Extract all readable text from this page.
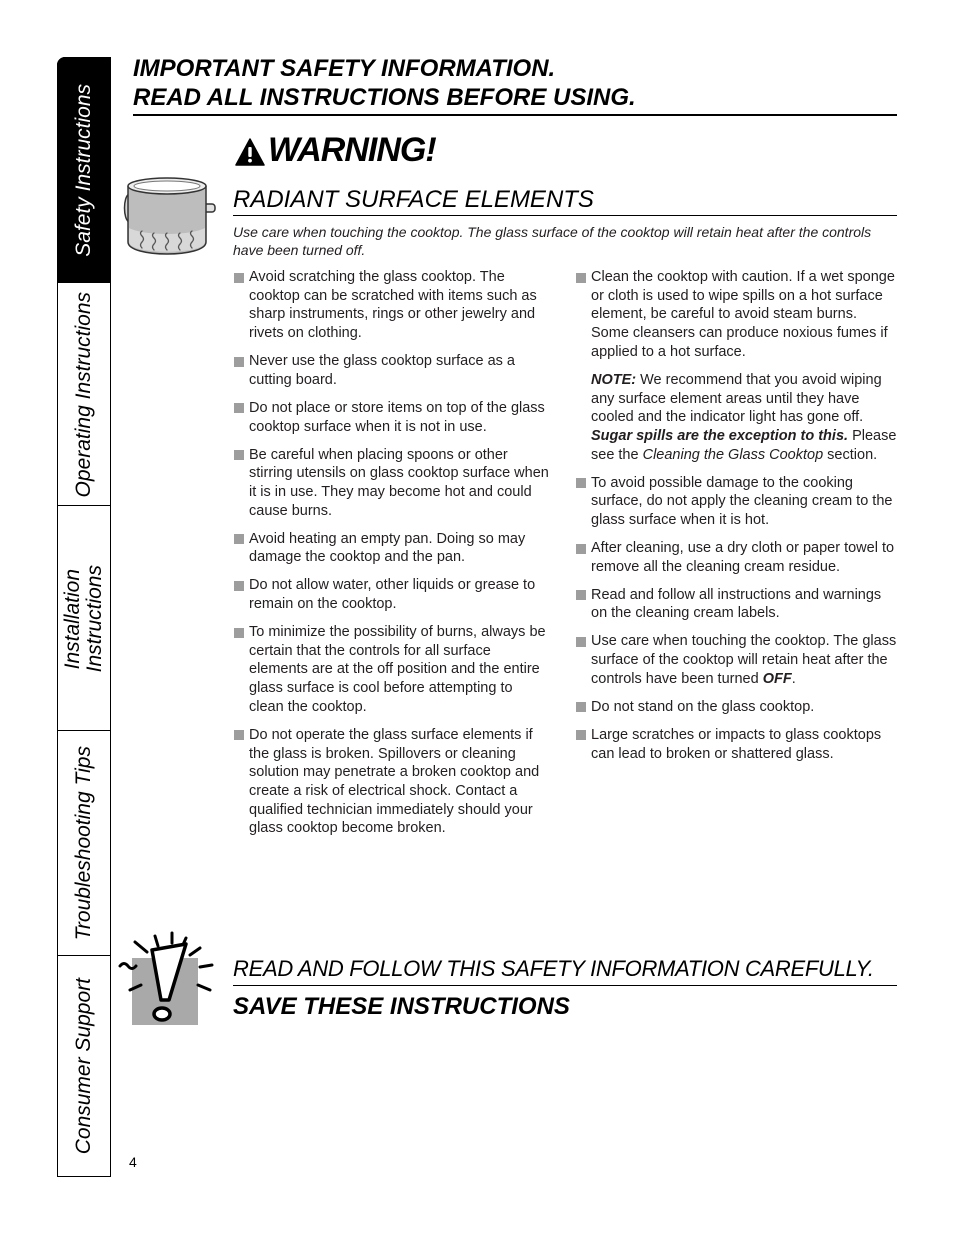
Safety Instructions
Operating Instructions
Installation Instructions
Troubleshooting Tips
Consumer Support
IMPORTANT SAFETY INFORMATION.
READ ALL INSTRUCTIONS BEFORE USING.
WARNING!
RADIANT SURFACE ELEMENTS
Use care when touching the cooktop. The glass surface of the cooktop will retain heat after the controls have been turned off.
Avoid scratching the glass cooktop. The cooktop can be scratched with items such as sharp instruments, rings or other jewelry and rivets on clothing.
Never use the glass cooktop surface as a cutting board.
Do not place or store items on top of the glass cooktop surface when it is not in use.
Be careful when placing spoons or other stirring utensils on glass cooktop surface when it is in use. They may become hot and could cause burns.
Avoid heating an empty pan. Doing so may damage the cooktop and the pan.
Do not allow water, other liquids or grease to remain on the cooktop.
To minimize the possibility of burns, always be certain that the controls for all surface elements are at the off position and the entire glass surface is cool before attempting to clean the cooktop.
Do not operate the glass surface elements if the glass is broken. Spillovers or cleaning solution may penetrate a broken cooktop and create a risk of electrical shock. Contact a qualified technician immediately should your glass cooktop become broken.
Clean the cooktop with caution. If a wet sponge or cloth is used to wipe spills on a hot surface element, be careful to avoid steam burns. Some cleansers can produce noxious fumes if applied to a hot surface.
NOTE: We recommend that you avoid wiping any surface element areas until they have cooled and the indicator light has gone off. Sugar spills are the exception to this. Please see the Cleaning the Glass Cooktop section.
To avoid possible damage to the cooking surface, do not apply the cleaning cream to the glass surface when it is hot.
After cleaning, use a dry cloth or paper towel to remove all the cleaning cream residue.
Read and follow all instructions and warnings on the cleaning cream labels.
Use care when touching the cooktop. The glass surface of the cooktop will retain heat after the controls have been turned OFF.
Do not stand on the glass cooktop.
Large scratches or impacts to glass cooktops can lead to broken or shattered glass.
READ AND FOLLOW THIS SAFETY INFORMATION CAREFULLY.
SAVE THESE INSTRUCTIONS
4
